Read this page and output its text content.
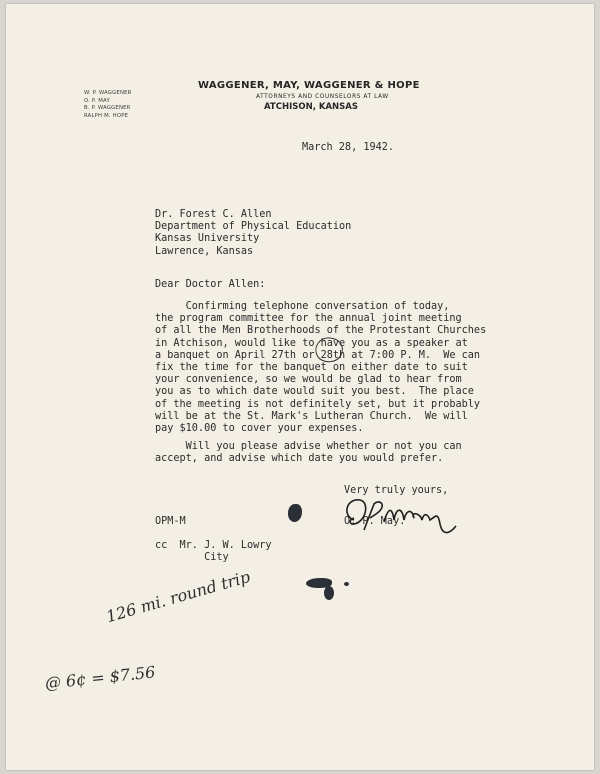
W. P. WAGGENER
O. P. MAY
B. P. WAGGENER
RALPH M. HOPE
WAGGENER, MAY, WAGGENER & HOPE
ATTORNEYS AND COUNSELORS AT LAW
ATCHISON, KANSAS
March 28, 1942.
Dr. Forest C. Allen
Department of Physical Education
Kansas University
Lawrence, Kansas
Dear Doctor Allen:
Confirming telephone conversation of today,
the program committee for the annual joint meeting
of all the Men Brotherhoods of the Protestant Churches
in Atchison, would like to have you as a speaker at
a banquet on April 27th or 28th at 7:00 P. M.  We can
fix the time for the banquet on either date to suit
your convenience, so we would be glad to hear from
you as to which date would suit you best.  The place
of the meeting is not definitely set, but it probably
will be at the St. Mark's Lutheran Church.  We will
pay $10.00 to cover your expenses.
Will you please advise whether or not you can
accept, and advise which date you would prefer.
Very truly yours,
O. P. May.
OPM-M
cc  Mr. J. W. Lowry
City
126 mi. round trip
@ 6¢ = $7.56
